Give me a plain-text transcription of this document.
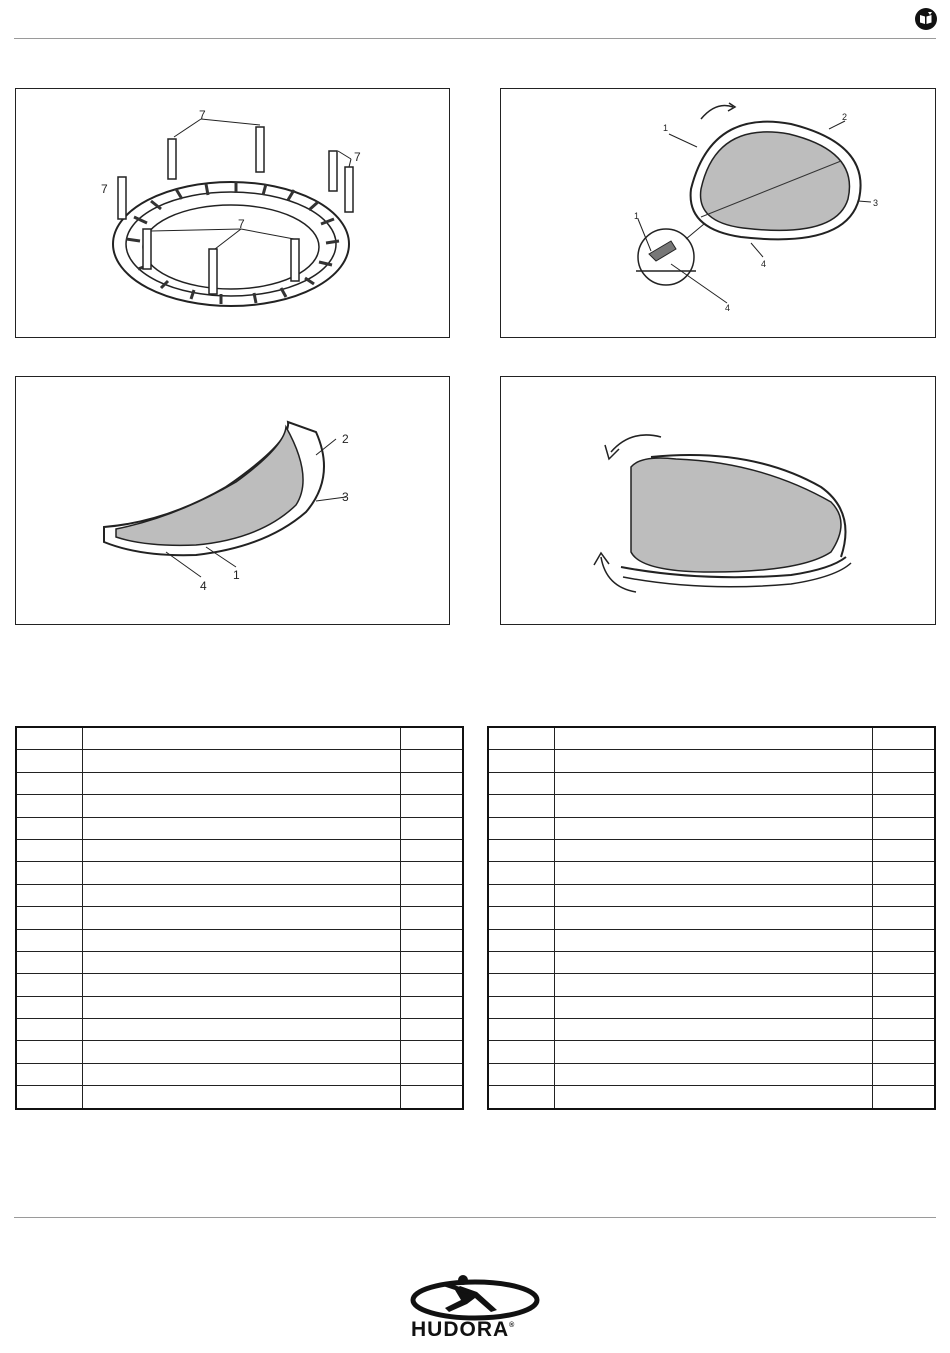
7
7
7
7
1
2
3
1
4
4
2
3
1
4

HUDORA®
